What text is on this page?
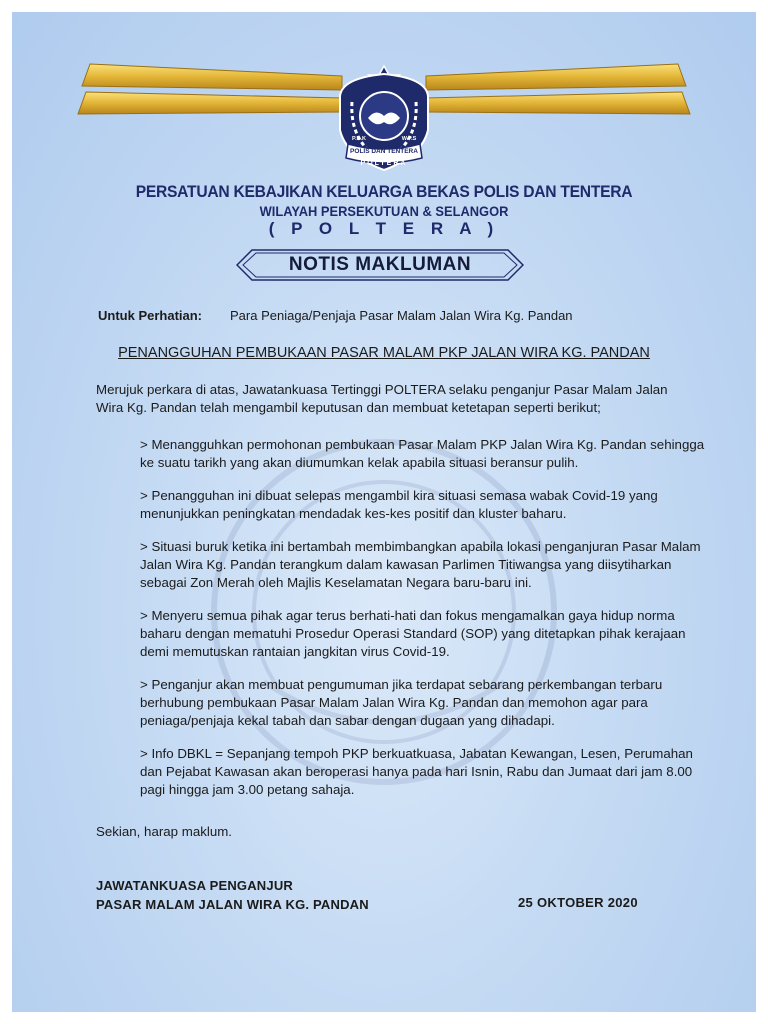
POLIS DAN TENTERA
POLTERA
P.B.K	W.P.S
PERSATUAN KEBAJIKAN KELUARGA BEKAS POLIS DAN TENTERA
WILAYAH PERSEKUTUAN & SELANGOR
( P O L T E R A )
NOTIS MAKLUMAN
Untuk Perhatian: Para Peniaga/Penjaja Pasar Malam Jalan Wira Kg. Pandan
PENANGGUHAN PEMBUKAAN PASAR MALAM PKP JALAN WIRA KG. PANDAN
Merujuk perkara di atas, Jawatankuasa Tertinggi POLTERA selaku penganjur Pasar Malam Jalan Wira Kg. Pandan telah mengambil keputusan dan membuat ketetapan seperti berikut;

> Menangguhkan permohonan pembukaan Pasar Malam PKP Jalan Wira Kg. Pandan sehingga ke suatu tarikh yang akan diumumkan kelak apabila situasi beransur pulih.

> Penangguhan ini dibuat selepas mengambil kira situasi semasa wabak Covid-19 yang menunjukkan peningkatan mendadak kes-kes positif dan kluster baharu.

> Situasi buruk ketika ini bertambah membimbangkan apabila lokasi penganjuran Pasar Malam Jalan Wira Kg. Pandan terangkum dalam kawasan Parlimen Titiwangsa yang diisytiharkan sebagai Zon Merah oleh Majlis Keselamatan Negara baru-baru ini.

> Menyeru semua pihak agar terus berhati-hati dan fokus mengamalkan gaya hidup norma baharu dengan mematuhi Prosedur Operasi Standard (SOP) yang ditetapkan pihak kerajaan demi memutuskan rantaian jangkitan virus Covid-19.

> Penganjur akan membuat pengumuman jika terdapat sebarang perkembangan terbaru berhubung pembukaan Pasar Malam Jalan Wira Kg. Pandan dan memohon agar para peniaga/penjaja kekal tabah dan sabar dengan dugaan yang dihadapi.

> Info DBKL = Sepanjang tempoh PKP berkuatkuasa, Jabatan Kewangan, Lesen, Perumahan dan Pejabat Kawasan akan beroperasi hanya pada hari Isnin, Rabu dan Jumaat dari jam 8.00 pagi hingga jam 3.00 petang sahaja.

Sekian, harap maklum.
JAWATANKUASA PENGANJUR
PASAR MALAM JALAN WIRA KG. PANDAN	25 OKTOBER 2020
